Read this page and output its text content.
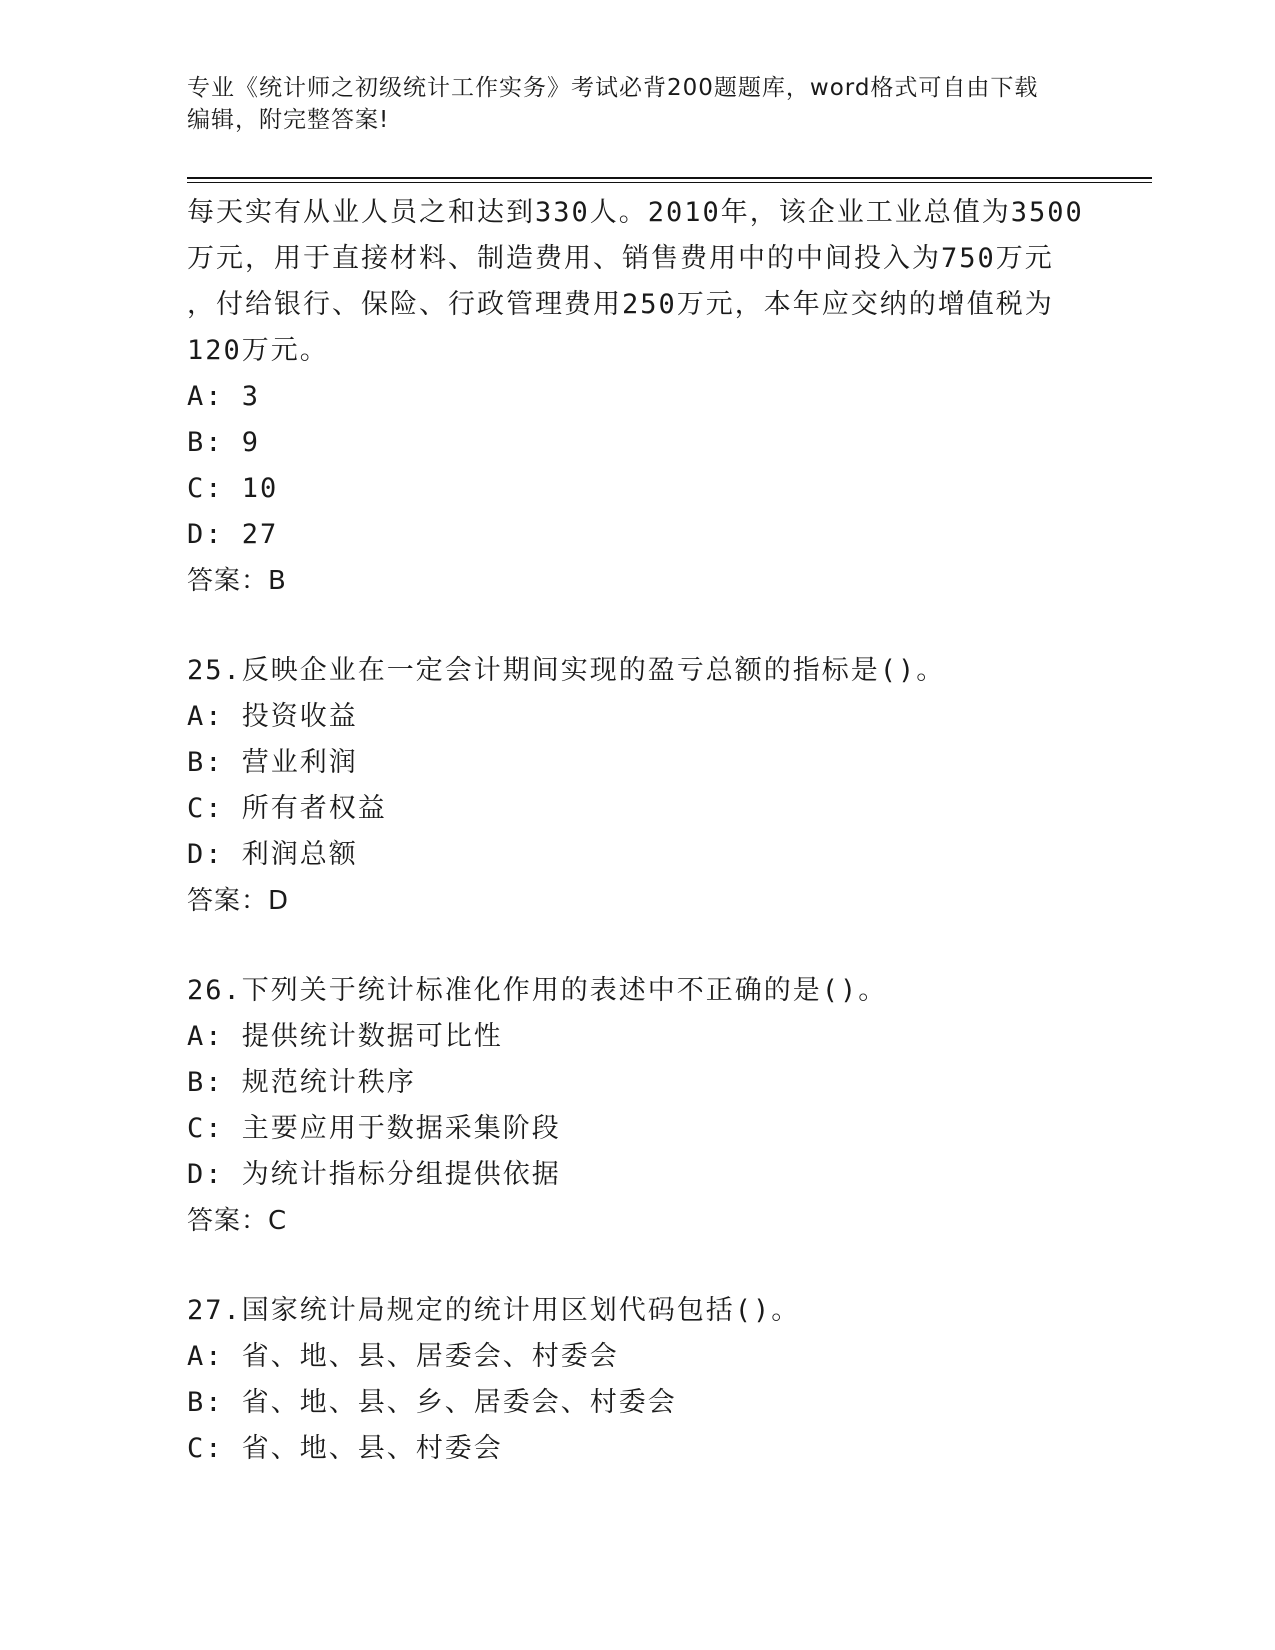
专业《统计师之初级统计工作实务》考试必背200题题库，word格式可自由下载
编辑，附完整答案!
每天实有从业人员之和达到330人。2010年，该企业工业总值为3500
万元，用于直接材料、制造费用、销售费用中的中间投入为750万元
，付给银行、保险、行政管理费用250万元，本年应交纳的增值税为
120万元。
A: 3
B: 9
C: 10
D: 27
答案：B
25.反映企业在一定会计期间实现的盈亏总额的指标是()。
A: 投资收益
B: 营业利润
C: 所有者权益
D: 利润总额
答案：D
26.下列关于统计标准化作用的表述中不正确的是()。
A: 提供统计数据可比性
B: 规范统计秩序
C: 主要应用于数据采集阶段
D: 为统计指标分组提供依据
答案：C
27.国家统计局规定的统计用区划代码包括()。
A: 省、地、县、居委会、村委会
B: 省、地、县、乡、居委会、村委会
C: 省、地、县、村委会
